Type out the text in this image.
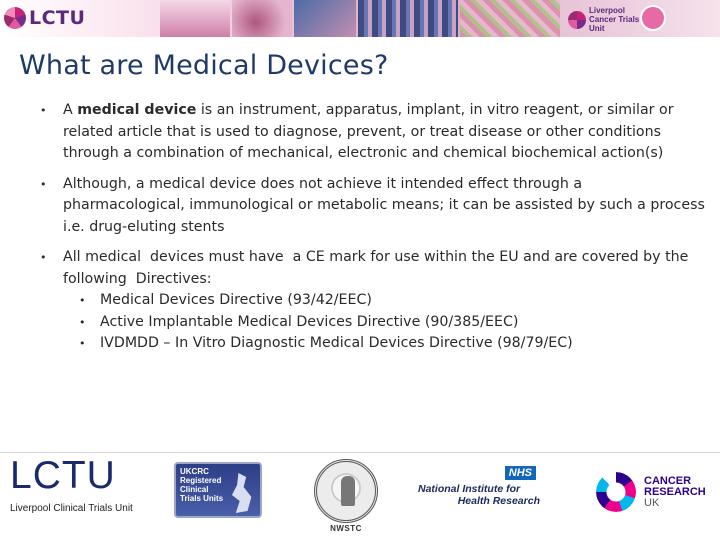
LCTU	Liverpool Cancer Trials Unit
What are Medical Devices?
• A medical device is an instrument, apparatus, implant, in vitro reagent, or similar or related article that is used to diagnose, prevent, or treat disease or other conditions through a combination of mechanical, electronic and chemical biochemical action(s)
• Although, a medical device does not achieve it intended effect through a pharmacological, immunological or metabolic means; it can be assisted by such a process i.e. drug-eluting stents
• All medical  devices must have  a CE mark for use within the EU and are covered by the following  Directives:
• Medical Devices Directive (93/42/EEC)
• Active Implantable Medical Devices Directive (90/385/EEC)
• IVDMDD – In Vitro Diagnostic Medical Devices Directive (98/79/EC)
LCTU
Liverpool Clinical Trials Unit
UKCRC Registered Clinical Trials Units
NWSTC
NHS
National Institute for
Health Research
CANCER
RESEARCH
UK
